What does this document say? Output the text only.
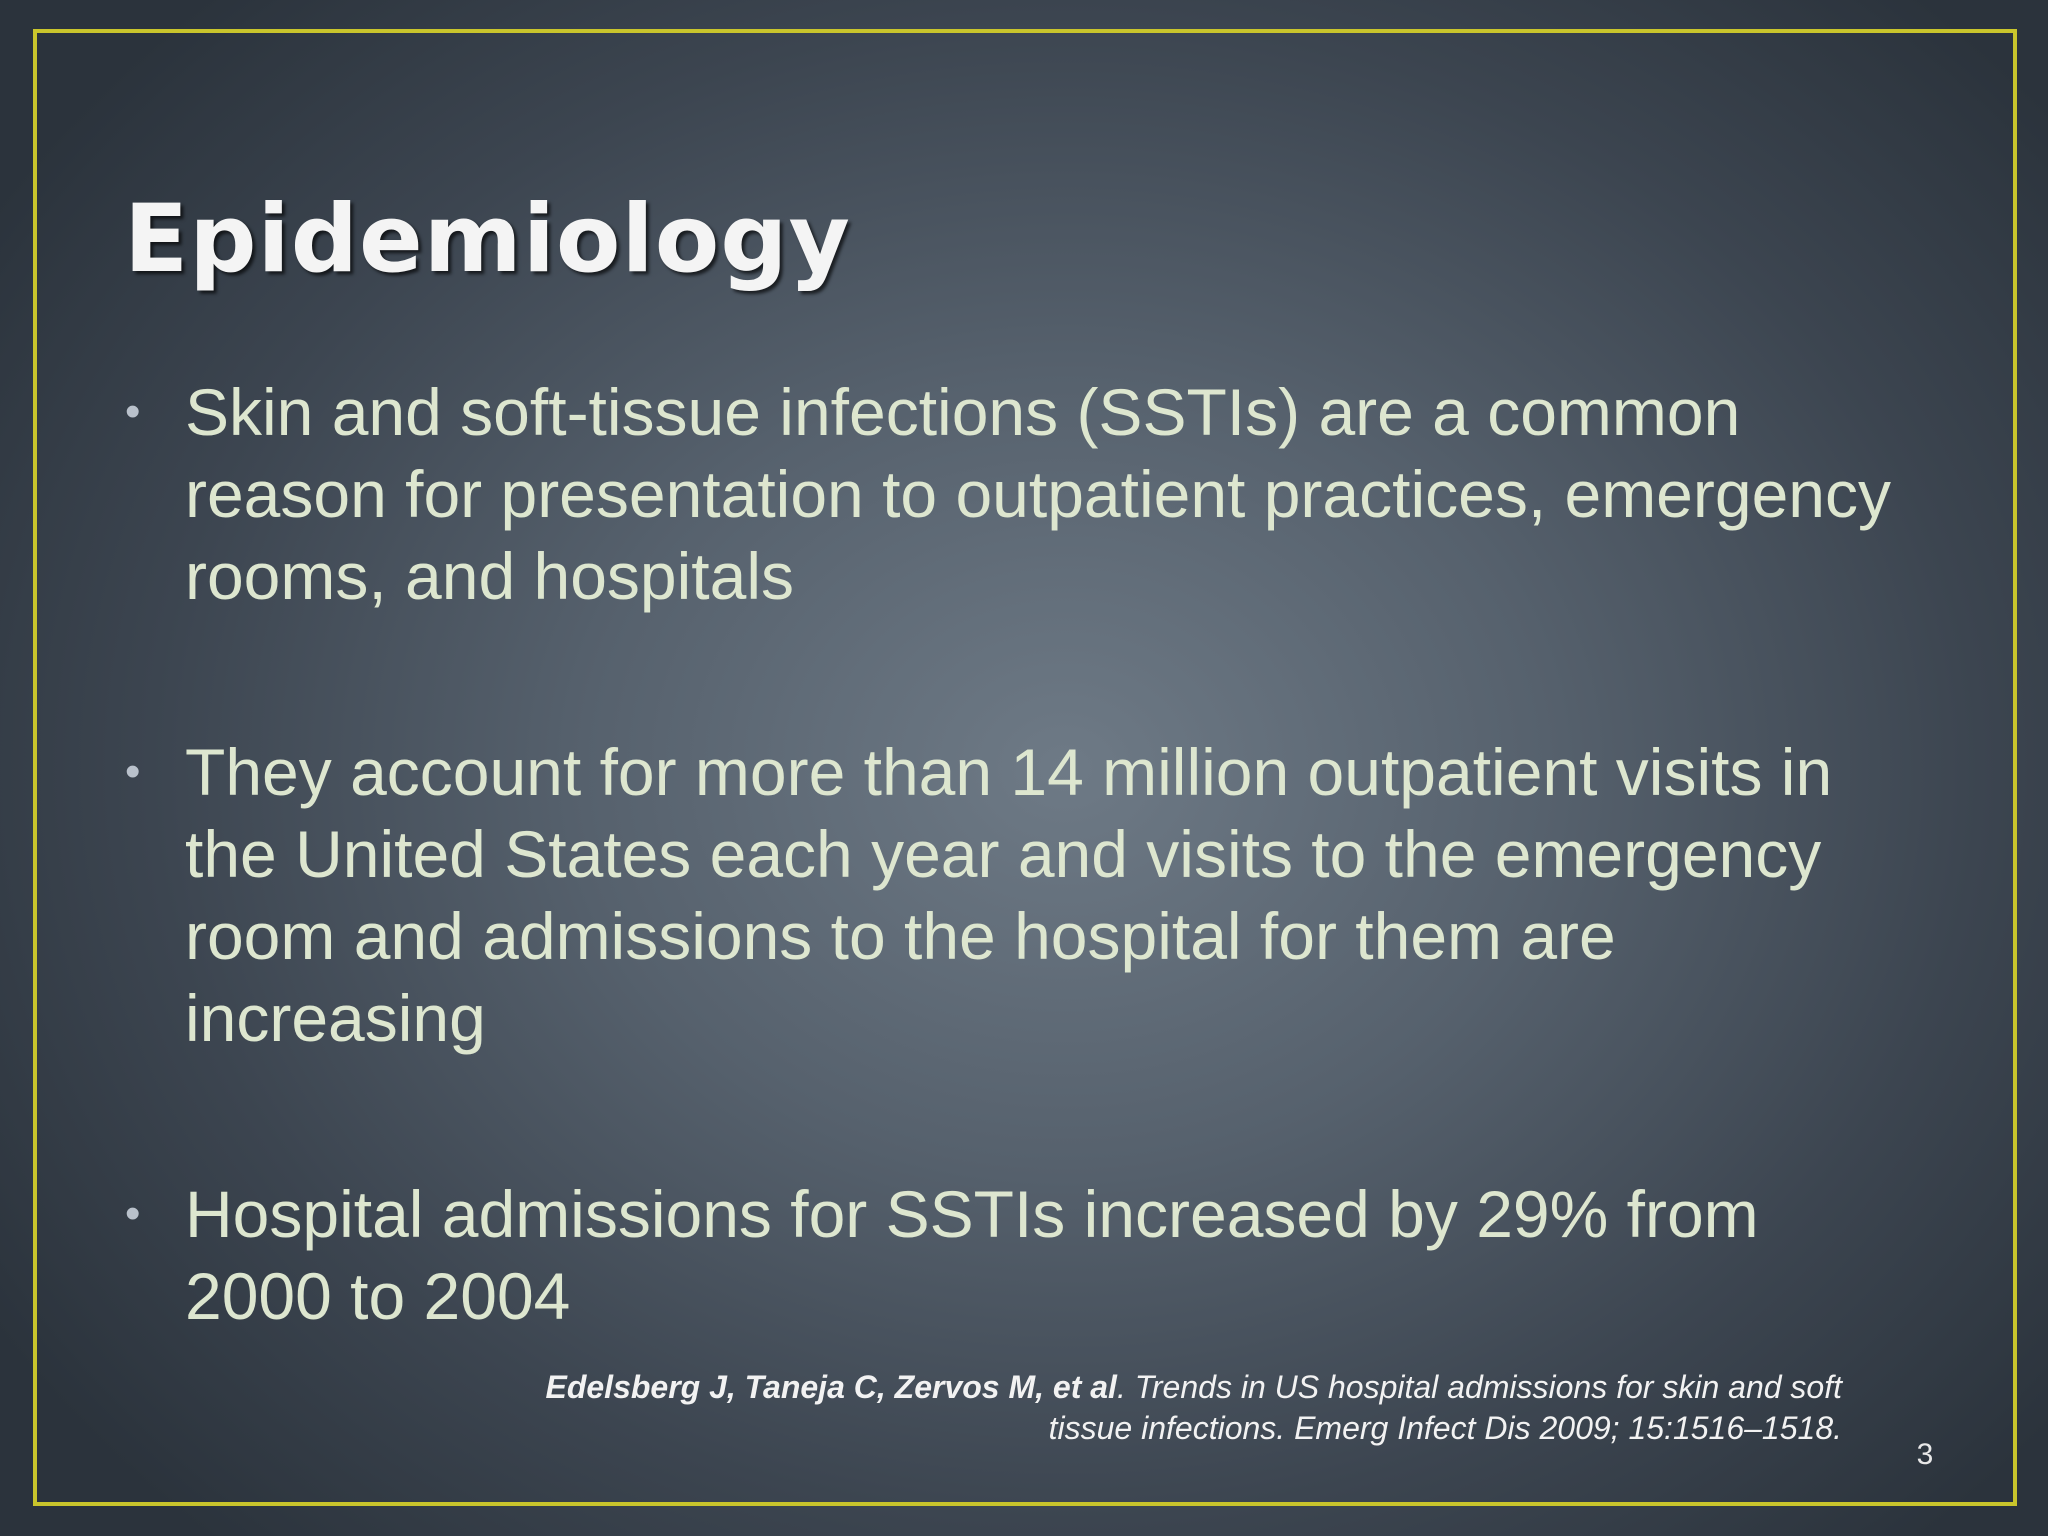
Epidemiology
• Skin and soft-tissue infections (SSTIs) are a common reason for presentation to outpatient practices, emergency rooms, and hospitals
• They account for more than 14 million outpatient visits in the United States each year and visits to the emergency room and admissions to the hospital for them are increasing
• Hospital admissions for SSTIs increased by 29% from 2000 to 2004
Edelsberg J, Taneja C, Zervos M, et al. Trends in US hospital admissions for skin and soft tissue infections. Emerg Infect Dis 2009; 15:1516–1518.
3
